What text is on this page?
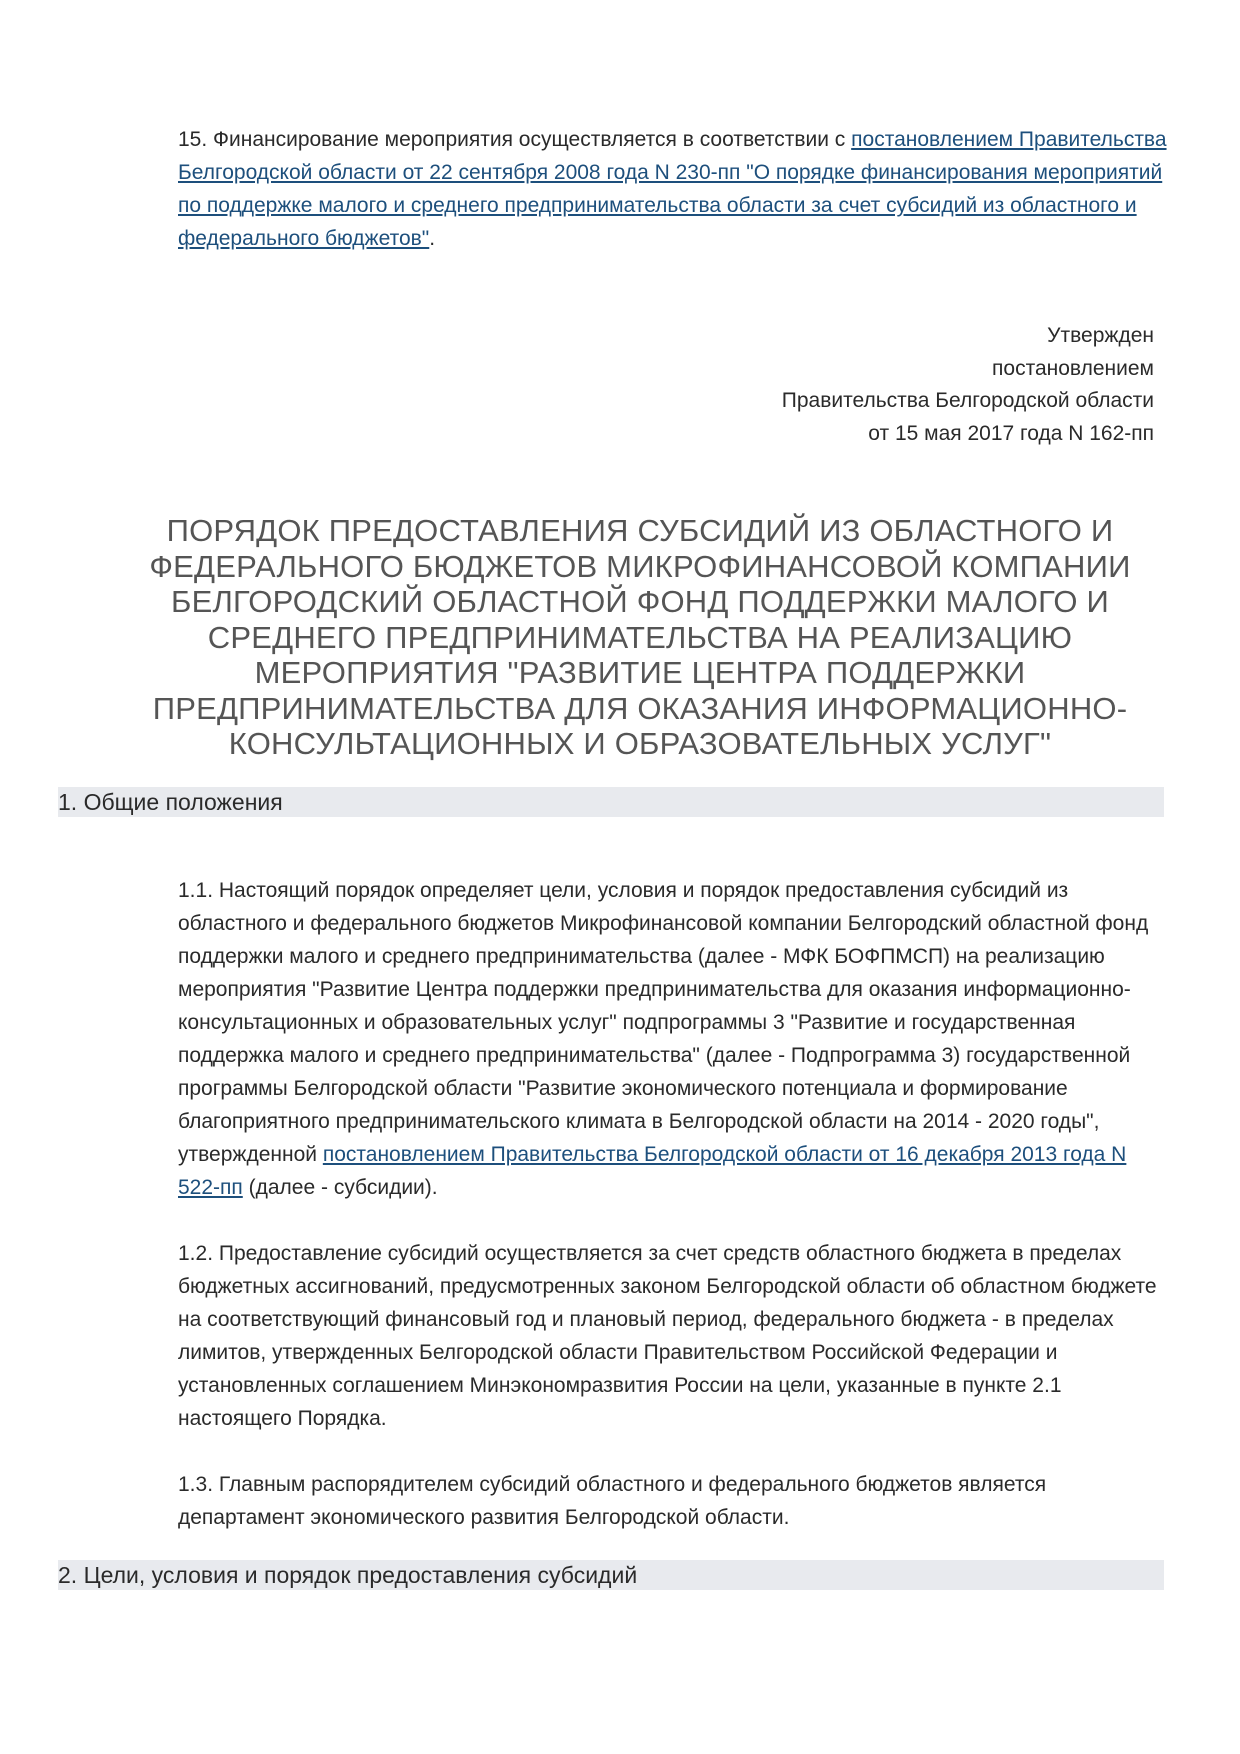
15. Финансирование мероприятия осуществляется в соответствии с постановлением Правительства Белгородской области от 22 сентября 2008 года N 230-пп "О порядке финансирования мероприятий по поддержке малого и среднего предпринимательства области за счет субсидий из областного и федерального бюджетов".
Утвержден
постановлением
Правительства Белгородской области
от 15 мая 2017 года N 162-пп
ПОРЯДОК ПРЕДОСТАВЛЕНИЯ СУБСИДИЙ ИЗ ОБЛАСТНОГО И ФЕДЕРАЛЬНОГО БЮДЖЕТОВ МИКРОФИНАНСОВОЙ КОМПАНИИ БЕЛГОРОДСКИЙ ОБЛАСТНОЙ ФОНД ПОДДЕРЖКИ МАЛОГО И СРЕДНЕГО ПРЕДПРИНИМАТЕЛЬСТВА НА РЕАЛИЗАЦИЮ МЕРОПРИЯТИЯ "РАЗВИТИЕ ЦЕНТРА ПОДДЕРЖКИ ПРЕДПРИНИМАТЕЛЬСТВА ДЛЯ ОКАЗАНИЯ ИНФОРМАЦИОННО-КОНСУЛЬТАЦИОННЫХ И ОБРАЗОВАТЕЛЬНЫХ УСЛУГ"
1. Общие положения
1.1. Настоящий порядок определяет цели, условия и порядок предоставления субсидий из областного и федерального бюджетов Микрофинансовой компании Белгородский областной фонд поддержки малого и среднего предпринимательства (далее - МФК БОФПМСП) на реализацию мероприятия "Развитие Центра поддержки предпринимательства для оказания информационно-консультационных и образовательных услуг" подпрограммы 3 "Развитие и государственная поддержка малого и среднего предпринимательства" (далее - Подпрограмма 3) государственной программы Белгородской области "Развитие экономического потенциала и формирование благоприятного предпринимательского климата в Белгородской области на 2014 - 2020 годы", утвержденной постановлением Правительства Белгородской области от 16 декабря 2013 года N 522-пп (далее - субсидии).
1.2. Предоставление субсидий осуществляется за счет средств областного бюджета в пределах бюджетных ассигнований, предусмотренных законом Белгородской области об областном бюджете на соответствующий финансовый год и плановый период, федерального бюджета - в пределах лимитов, утвержденных Белгородской области Правительством Российской Федерации и установленных соглашением Минэкономразвития России на цели, указанные в пункте 2.1 настоящего Порядка.
1.3. Главным распорядителем субсидий областного и федерального бюджетов является департамент экономического развития Белгородской области.
2. Цели, условия и порядок предоставления субсидий
